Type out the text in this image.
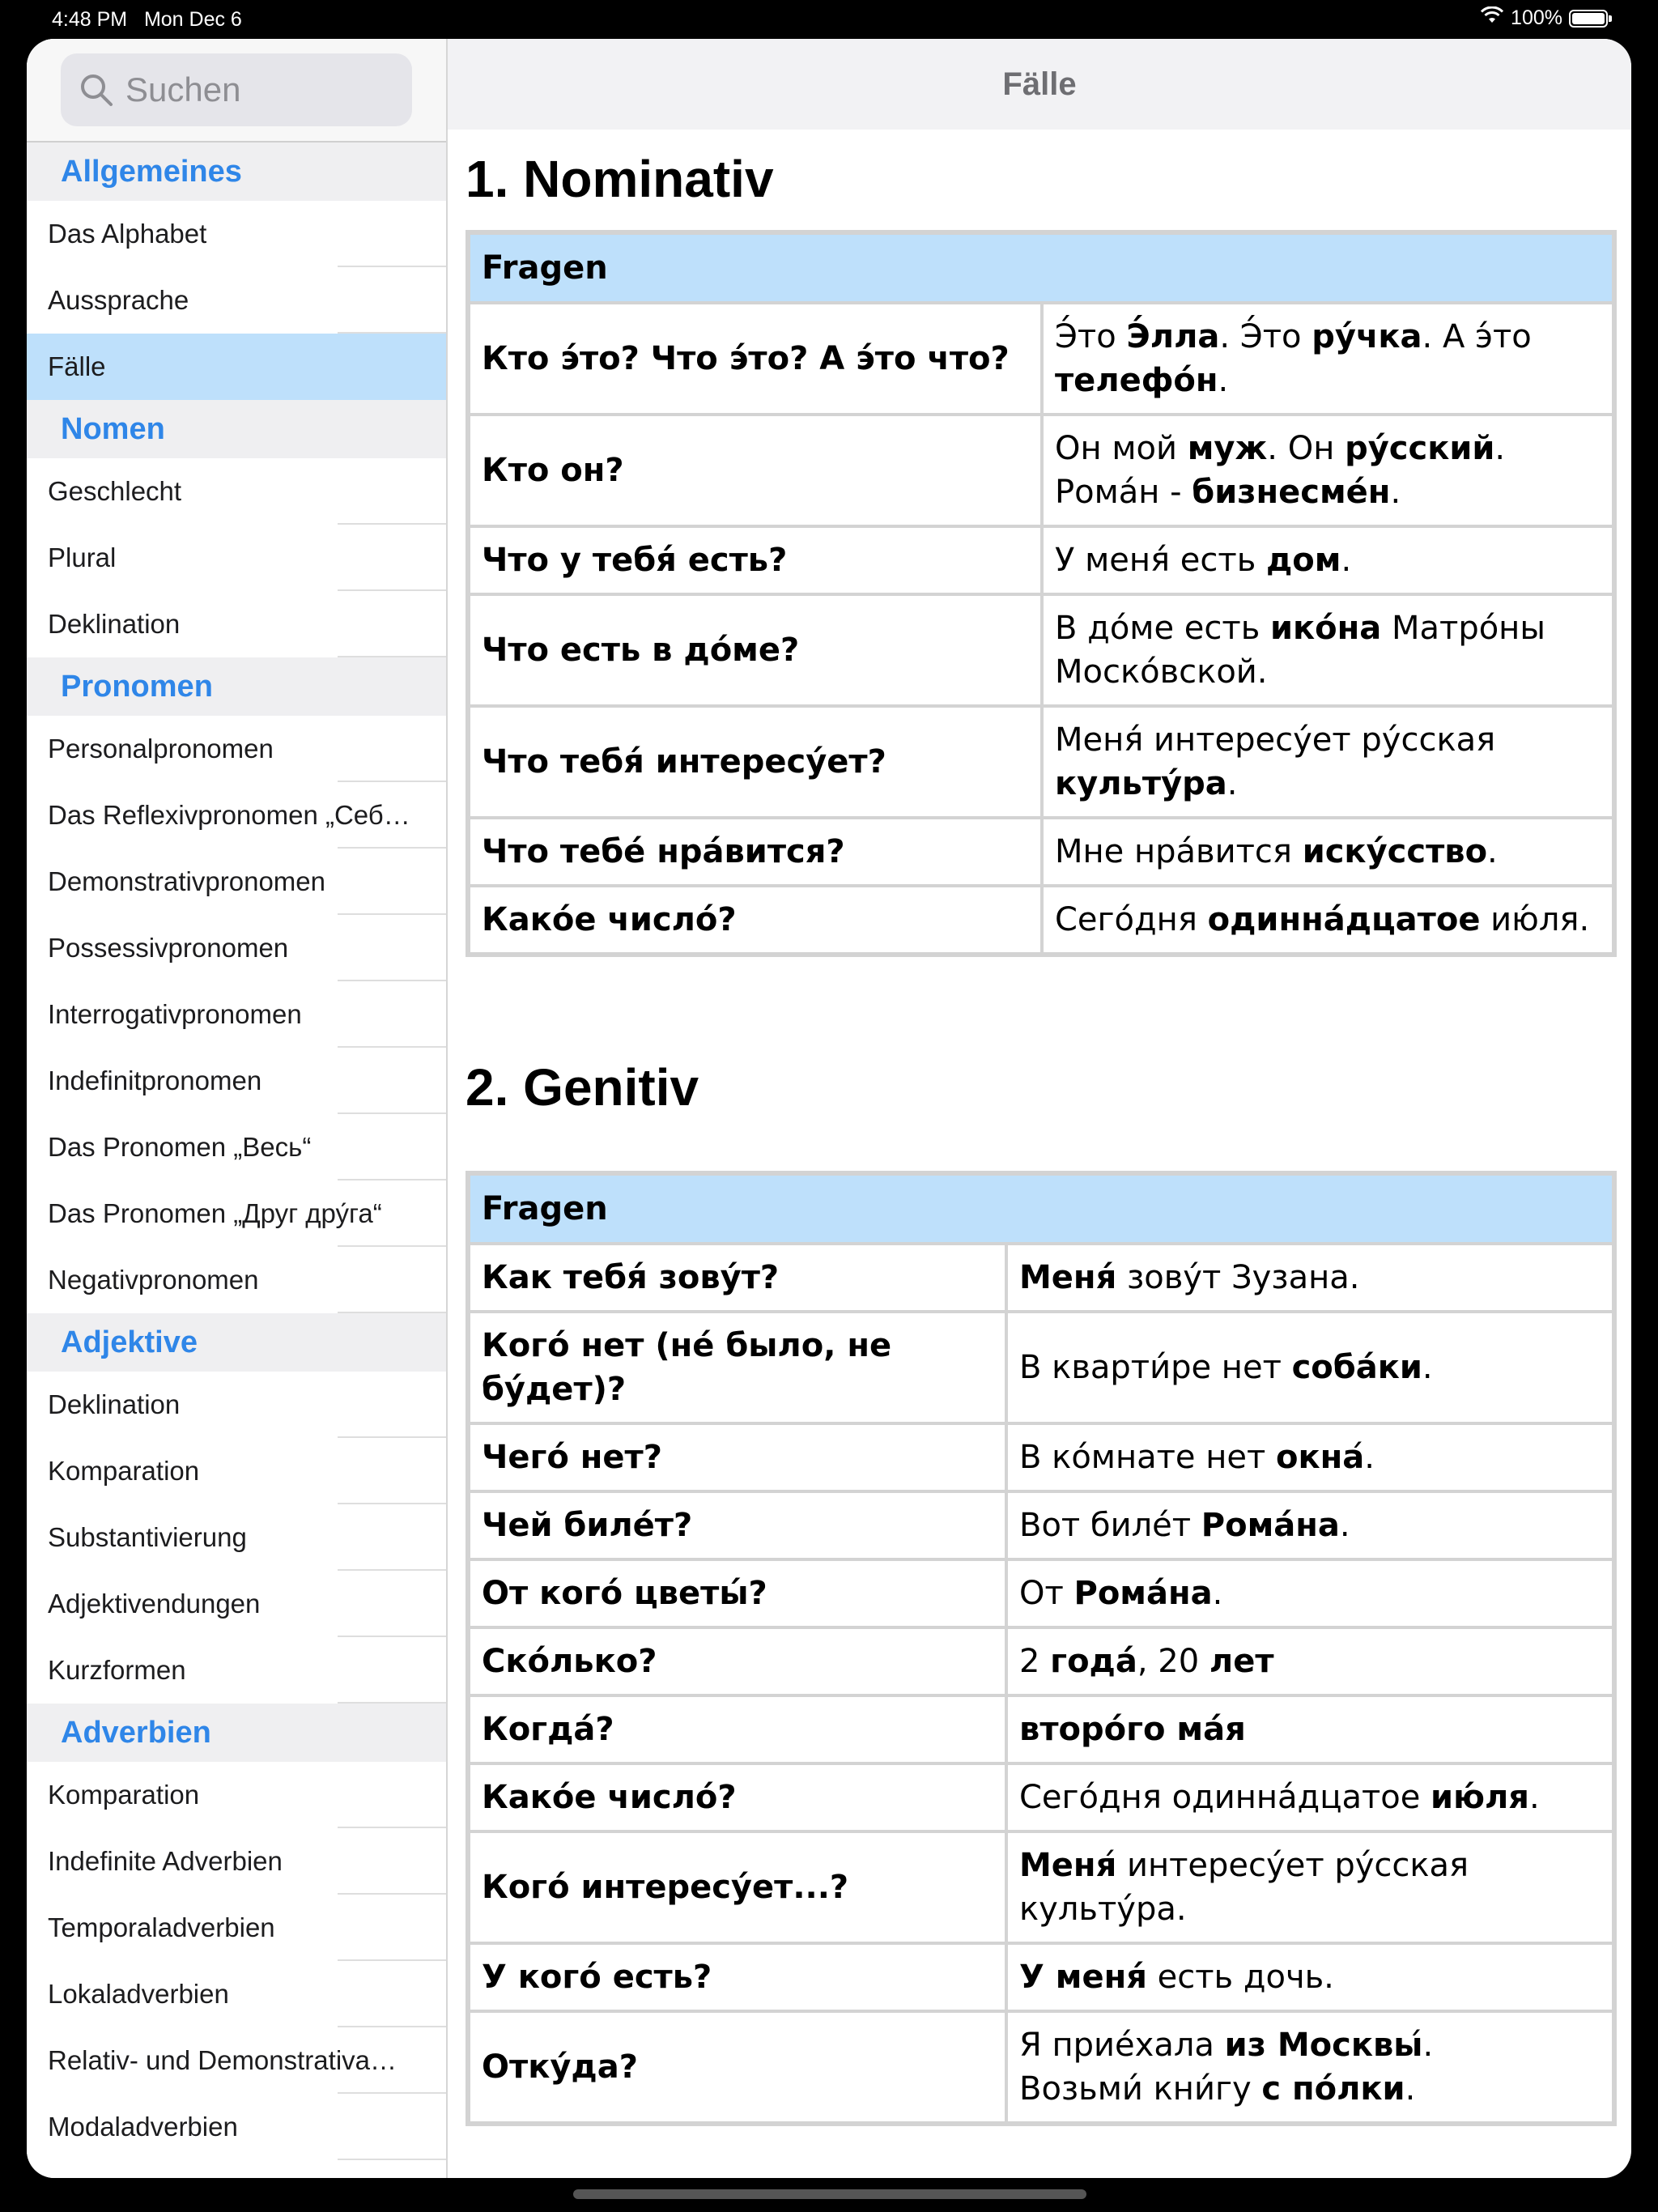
4:48 PM Mon Dec 6	100%
Suchen
Allgemeines
Das Alphabet
Aussprache
Fälle
Nomen
Geschlecht
Plural
Deklination
Pronomen
Personalpronomen
Das Reflexivpronomen „Себ…
Demonstrativpronomen
Possessivpronomen
Interrogativpronomen
Indefinitpronomen
Das Pronomen „Весь“
Das Pronomen „Друг дру́га“
Negativpronomen
Adjektive
Deklination
Komparation
Substantivierung
Adjektivendungen
Kurzformen
Adverbien
Komparation
Indefinite Adverbien
Temporaladverbien
Lokaladverbien
Relativ- und Demonstrativa…
Modaladverbien
Fälle
1. Nominativ
Fragen	
Кто э́то? Что э́то? А э́то что?	Э́то Э́лла. Э́то ру́чка. А э́то телефо́н.
Кто он?	Он мой муж. Он ру́сский. Рома́н - бизнесме́н.
Что у тебя́ есть?	У меня́ есть дом.
Что есть в до́ме?	В до́ме есть ико́на Матро́ны Моско́вской.
Что тебя́ интересу́ет?	Меня́ интересу́ет ру́сская культу́ра.
Что тебе́ нра́вится?	Мне нра́вится иску́сство.
Како́е число́?	Сего́дня одинна́дцатое ию́ля.
2. Genitiv
Fragen	
Как тебя́ зову́т?	Меня́ зову́т Зузана.
Кого́ нет (не́ было, не бу́дет)?	В кварти́ре нет соба́ки.
Чего́ нет?	В ко́мнате нет окна́.
Чей биле́т?	Вот биле́т Рома́на.
От кого́ цветы́?	От Рома́на.
Ско́лько?	2 года́, 20 лет
Когда́?	второ́го ма́я
Како́е число́?	Сего́дня одинна́дцатое ию́ля.
Кого́ интересу́ет...?	Меня́ интересу́ет ру́сская культу́ра.
У кого́ есть?	У меня́ есть дочь.
Отку́да?	Я прие́хала из Москвы́.
Возьми́ кни́гу с по́лки.
